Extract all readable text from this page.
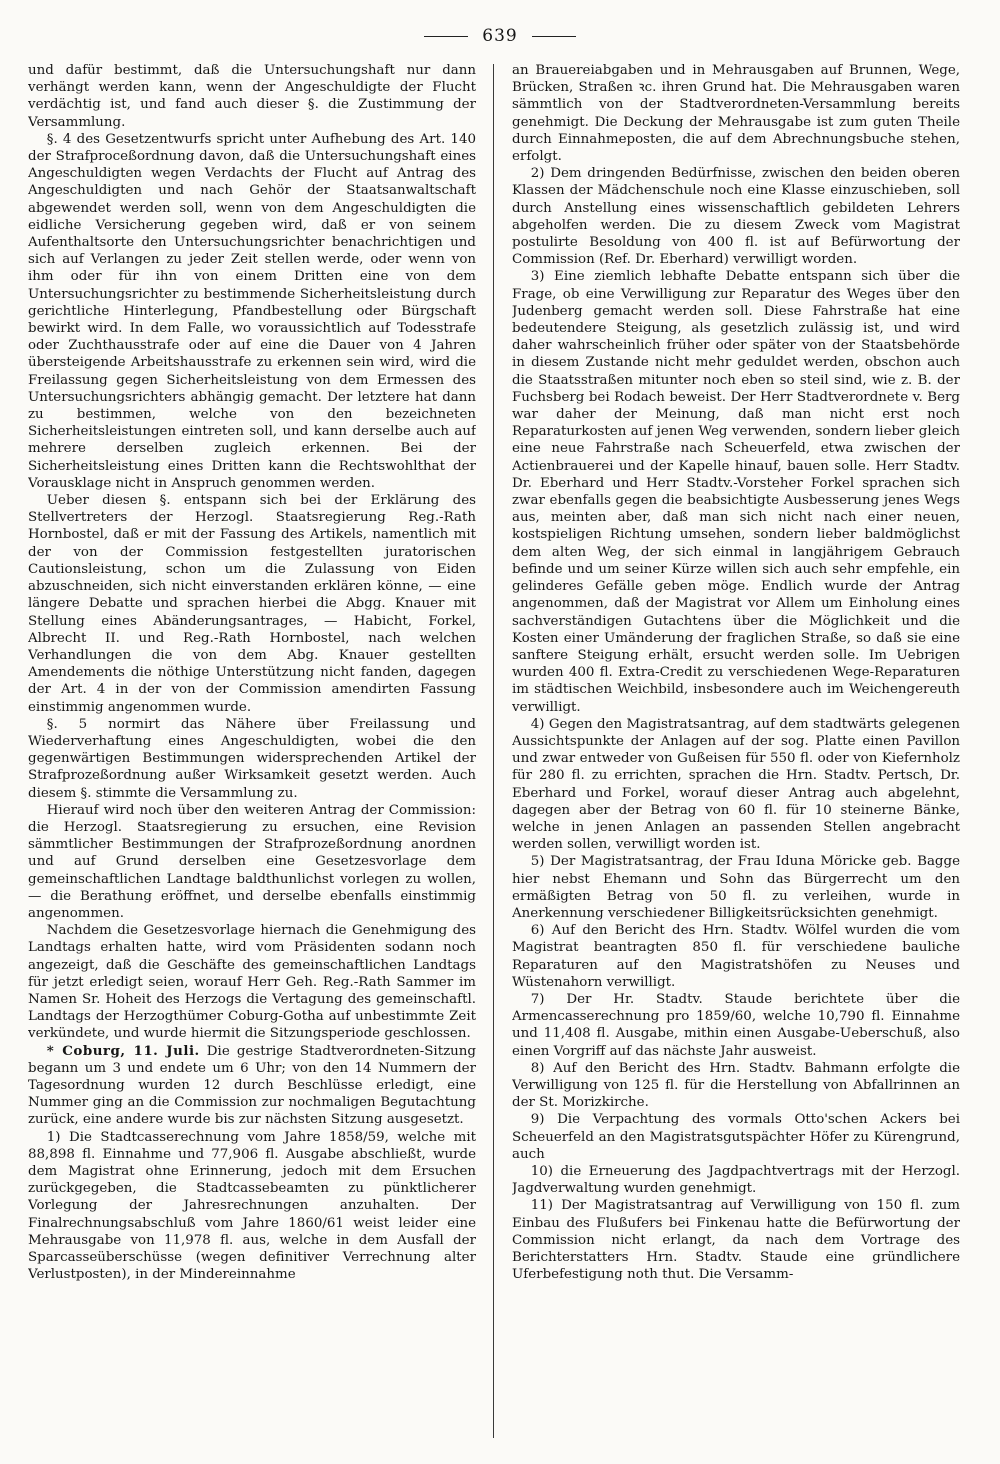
639

und dafür bestimmt, daß die Untersuchungshaft nur dann verhängt werden kann, wenn der Angeschuldigte der Flucht verdächtig ist, und fand auch dieser §. die Zustimmung der Versammlung.

§. 4 des Gesetzentwurfs spricht unter Aufhebung des Art. 140 der Strafproceßordnung davon, daß die Untersuchungshaft eines Angeschuldigten wegen Verdachts der Flucht auf Antrag des Angeschuldigten und nach Gehör der Staatsanwaltschaft abgewendet werden soll, wenn von dem Angeschuldigten die eidliche Versicherung gegeben wird, daß er von seinem Aufenthaltsorte den Untersuchungsrichter benachrichtigen und sich auf Verlangen zu jeder Zeit stellen werde, oder wenn von ihm oder für ihn von einem Dritten eine von dem Untersuchungsrichter zu bestimmende Sicherheitsleistung durch gerichtliche Hinterlegung, Pfandbestellung oder Bürgschaft bewirkt wird. In dem Falle, wo voraussichtlich auf Todesstrafe oder Zuchthausstrafe oder auf eine die Dauer von 4 Jahren übersteigende Arbeitshausstrafe zu erkennen sein wird, wird die Freilassung gegen Sicherheitsleistung von dem Ermessen des Untersuchungsrichters abhängig gemacht. Der letztere hat dann zu bestimmen, welche von den bezeichneten Sicherheitsleistungen eintreten soll, und kann derselbe auch auf mehrere derselben zugleich erkennen. Bei der Sicherheitsleistung eines Dritten kann die Rechtswohlthat der Vorausklage nicht in Anspruch genommen werden.

Ueber diesen §. entspann sich bei der Erklärung des Stellvertreters der Herzogl. Staatsregierung Reg.-Rath Hornbostel, daß er mit der Fassung des Artikels, namentlich mit der von der Commission festgestellten juratorischen Cautionsleistung, schon um die Zulassung von Eiden abzuschneiden, sich nicht einverstanden erklären könne, — eine längere Debatte und sprachen hierbei die Abgg. Knauer mit Stellung eines Abänderungsantrages, — Habicht, Forkel, Albrecht II. und Reg.-Rath Hornbostel, nach welchen Verhandlungen die von dem Abg. Knauer gestellten Amendements die nöthige Unterstützung nicht fanden, dagegen der Art. 4 in der von der Commission amendirten Fassung einstimmig angenommen wurde.

§. 5 normirt das Nähere über Freilassung und Wiederverhaftung eines Angeschuldigten, wobei die den gegenwärtigen Bestimmungen widersprechenden Artikel der Strafprozeßordnung außer Wirksamkeit gesetzt werden. Auch diesem §. stimmte die Versammlung zu.

Hierauf wird noch über den weiteren Antrag der Commission: die Herzogl. Staatsregierung zu ersuchen, eine Revision sämmtlicher Bestimmungen der Strafprozeßordnung anordnen und auf Grund derselben eine Gesetzesvorlage dem gemeinschaftlichen Landtage baldthunlichst vorlegen zu wollen, — die Berathung eröffnet, und derselbe ebenfalls einstimmig angenommen.

Nachdem die Gesetzesvorlage hiernach die Genehmigung des Landtags erhalten hatte, wird vom Präsidenten sodann noch angezeigt, daß die Geschäfte des gemeinschaftlichen Landtags für jetzt erledigt seien, worauf Herr Geh. Reg.-Rath Sammer im Namen Sr. Hoheit des Herzogs die Vertagung des gemeinschaftl. Landtags der Herzogthümer Coburg-Gotha auf unbestimmte Zeit verkündete, und wurde hiermit die Sitzungsperiode geschlossen.

* Coburg, 11. Juli. Die gestrige Stadtverordneten-Sitzung begann um 3 und endete um 6 Uhr; von den 14 Nummern der Tagesordnung wurden 12 durch Beschlüsse erledigt, eine Nummer ging an die Commission zur nochmaligen Begutachtung zurück, eine andere wurde bis zur nächsten Sitzung ausgesetzt.

1) Die Stadtcasserechnung vom Jahre 1858/59, welche mit 88,898 fl. Einnahme und 77,906 fl. Ausgabe abschließt, wurde dem Magistrat ohne Erinnerung, jedoch mit dem Ersuchen zurückgegeben, die Stadtcassebeamten zu pünktlicherer Vorlegung der Jahresrechnungen anzuhalten. Der Finalrechnungsabschluß vom Jahre 1860/61 weist leider eine Mehrausgabe von 11,978 fl. aus, welche in dem Ausfall der Sparcasseüberschüsse (wegen definitiver Verrechnung alter Verlustposten), in der Mindereinnahme

an Brauereiabgaben und in Mehrausgaben auf Brunnen, Wege, Brücken, Straßen ꝛc. ihren Grund hat. Die Mehrausgaben waren sämmtlich von der Stadtverordneten-Versammlung bereits genehmigt. Die Deckung der Mehrausgabe ist zum guten Theile durch Einnahmeposten, die auf dem Abrechnungsbuche stehen, erfolgt.

2) Dem dringenden Bedürfnisse, zwischen den beiden oberen Klassen der Mädchenschule noch eine Klasse einzuschieben, soll durch Anstellung eines wissenschaftlich gebildeten Lehrers abgeholfen werden. Die zu diesem Zweck vom Magistrat postulirte Besoldung von 400 fl. ist auf Befürwortung der Commission (Ref. Dr. Eberhard) verwilligt worden.

3) Eine ziemlich lebhafte Debatte entspann sich über die Frage, ob eine Verwilligung zur Reparatur des Weges über den Judenberg gemacht werden soll. Diese Fahrstraße hat eine bedeutendere Steigung, als gesetzlich zulässig ist, und wird daher wahrscheinlich früher oder später von der Staatsbehörde in diesem Zustande nicht mehr geduldet werden, obschon auch die Staatsstraßen mitunter noch eben so steil sind, wie z. B. der Fuchsberg bei Rodach beweist. Der Herr Stadtverordnete v. Berg war daher der Meinung, daß man nicht erst noch Reparaturkosten auf jenen Weg verwenden, sondern lieber gleich eine neue Fahrstraße nach Scheuerfeld, etwa zwischen der Actienbrauerei und der Kapelle hinauf, bauen solle. Herr Stadtv. Dr. Eberhard und Herr Stadtv.-Vorsteher Forkel sprachen sich zwar ebenfalls gegen die beabsichtigte Ausbesserung jenes Wegs aus, meinten aber, daß man sich nicht nach einer neuen, kostspieligen Richtung umsehen, sondern lieber baldmöglichst dem alten Weg, der sich einmal in langjährigem Gebrauch befinde und um seiner Kürze willen sich auch sehr empfehle, ein gelinderes Gefälle geben möge. Endlich wurde der Antrag angenommen, daß der Magistrat vor Allem um Einholung eines sachverständigen Gutachtens über die Möglichkeit und die Kosten einer Umänderung der fraglichen Straße, so daß sie eine sanftere Steigung erhält, ersucht werden solle. Im Uebrigen wurden 400 fl. Extra-Credit zu verschiedenen Wege-Reparaturen im städtischen Weichbild, insbesondere auch im Weichengereuth verwilligt.

4) Gegen den Magistratsantrag, auf dem stadtwärts gelegenen Aussichtspunkte der Anlagen auf der sog. Platte einen Pavillon und zwar entweder von Gußeisen für 550 fl. oder von Kiefernholz für 280 fl. zu errichten, sprachen die Hrn. Stadtv. Pertsch, Dr. Eberhard und Forkel, worauf dieser Antrag auch abgelehnt, dagegen aber der Betrag von 60 fl. für 10 steinerne Bänke, welche in jenen Anlagen an passenden Stellen angebracht werden sollen, verwilligt worden ist.

5) Der Magistratsantrag, der Frau Iduna Möricke geb. Bagge hier nebst Ehemann und Sohn das Bürgerrecht um den ermäßigten Betrag von 50 fl. zu verleihen, wurde in Anerkennung verschiedener Billigkeitsrücksichten genehmigt.

6) Auf den Bericht des Hrn. Stadtv. Wölfel wurden die vom Magistrat beantragten 850 fl. für verschiedene bauliche Reparaturen auf den Magistratshöfen zu Neuses und Wüstenahorn verwilligt.

7) Der Hr. Stadtv. Staude berichtete über die Armencasserechnung pro 1859/60, welche 10,790 fl. Einnahme und 11,408 fl. Ausgabe, mithin einen Ausgabe-Ueberschuß, also einen Vorgriff auf das nächste Jahr ausweist.

8) Auf den Bericht des Hrn. Stadtv. Bahmann erfolgte die Verwilligung von 125 fl. für die Herstellung von Abfallrinnen an der St. Morizkirche.

9) Die Verpachtung des vormals Otto'schen Ackers bei Scheuerfeld an den Magistratsgutspächter Höfer zu Kürengrund, auch

10) die Erneuerung des Jagdpachtvertrags mit der Herzogl. Jagdverwaltung wurden genehmigt.

11) Der Magistratsantrag auf Verwilligung von 150 fl. zum Einbau des Flußufers bei Finkenau hatte die Befürwortung der Commission nicht erlangt, da nach dem Vortrage des Berichterstatters Hrn. Stadtv. Staude eine gründlichere Uferbefestigung noth thut. Die Versamm-
